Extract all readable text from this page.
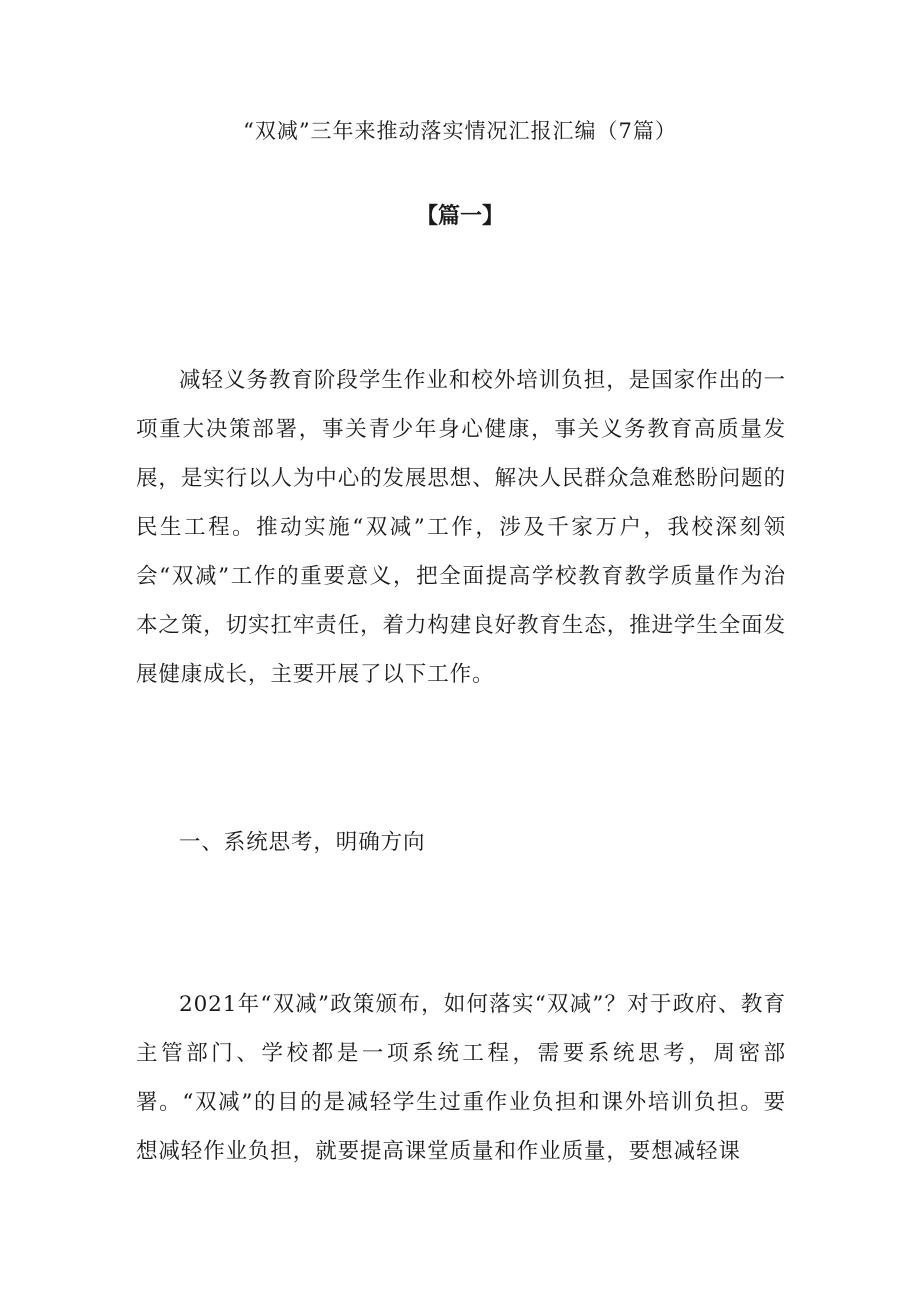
“双减”三年来推动落实情况汇报汇编（7篇）
【篇一】

减轻义务教育阶段学生作业和校外培训负担，是国家作出的一项重大决策部署，事关青少年身心健康，事关义务教育高质量发展，是实行以人为中心的发展思想、解决人民群众急难愁盼问题的民生工程。推动实施“双减”工作，涉及千家万户，我校深刻领会“双减”工作的重要意义，把全面提高学校教育教学质量作为治本之策，切实扛牢责任，着力构建良好教育生态，推进学生全面发展健康成长，主要开展了以下工作。

一、系统思考，明确方向

2021年“双减”政策颁布，如何落实“双减”？对于政府、教育主管部门、学校都是一项系统工程，需要系统思考，周密部署。“双减”的目的是减轻学生过重作业负担和课外培训负担。要想减轻作业负担，就要提高课堂质量和作业质量，要想减轻课
